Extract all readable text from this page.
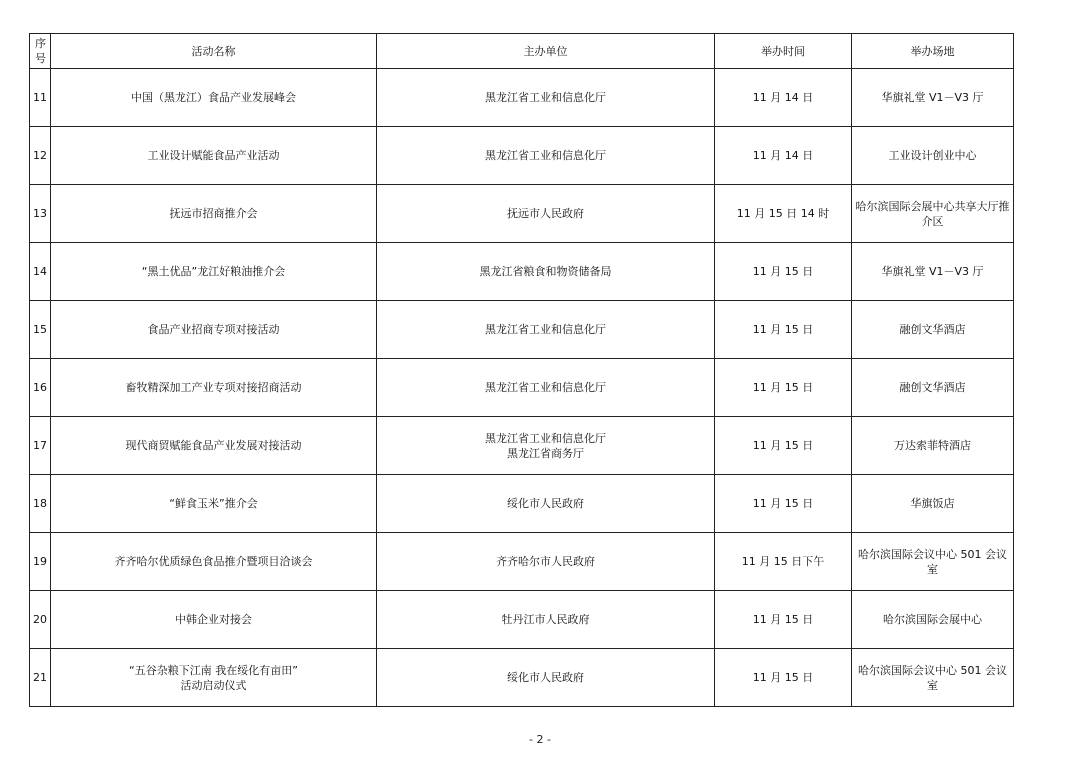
序
号	活动名称	主办单位	举办时间	举办场地
11	中国（黑龙江）食品产业发展峰会	黑龙江省工业和信息化厅	11 月 14 日	华旗礼堂 V1－V3 厅

12	工业设计赋能食品产业活动	黑龙江省工业和信息化厅	11 月 14 日	工业设计创业中心

13	抚远市招商推介会	抚远市人民政府	11 月 15 日 14 时	哈尔滨国际会展中心共享大厅推
介区

14	“黑土优品”龙江好粮油推介会	黑龙江省粮食和物资储备局	11 月 15 日	华旗礼堂 V1－V3 厅

15	食品产业招商专项对接活动	黑龙江省工业和信息化厅	11 月 15 日	融创文华酒店

16	畜牧精深加工产业专项对接招商活动	黑龙江省工业和信息化厅	11 月 15 日	融创文华酒店

17	现代商贸赋能食品产业发展对接活动	黑龙江省工业和信息化厅
黑龙江省商务厅	11 月 15 日	万达索菲特酒店

18	“鲜食玉米”推介会	绥化市人民政府	11 月 15 日	华旗饭店

19	齐齐哈尔优质绿色食品推介暨项目洽谈会	齐齐哈尔市人民政府	11 月 15 日下午	哈尔滨国际会议中心 501 会议室

20	中韩企业对接会	牡丹江市人民政府	11 月 15 日	哈尔滨国际会展中心

21	“五谷杂粮下江南 我在绥化有亩田”
活动启动仪式	绥化市人民政府	11 月 15 日	哈尔滨国际会议中心 501 会议室
- 2 -
